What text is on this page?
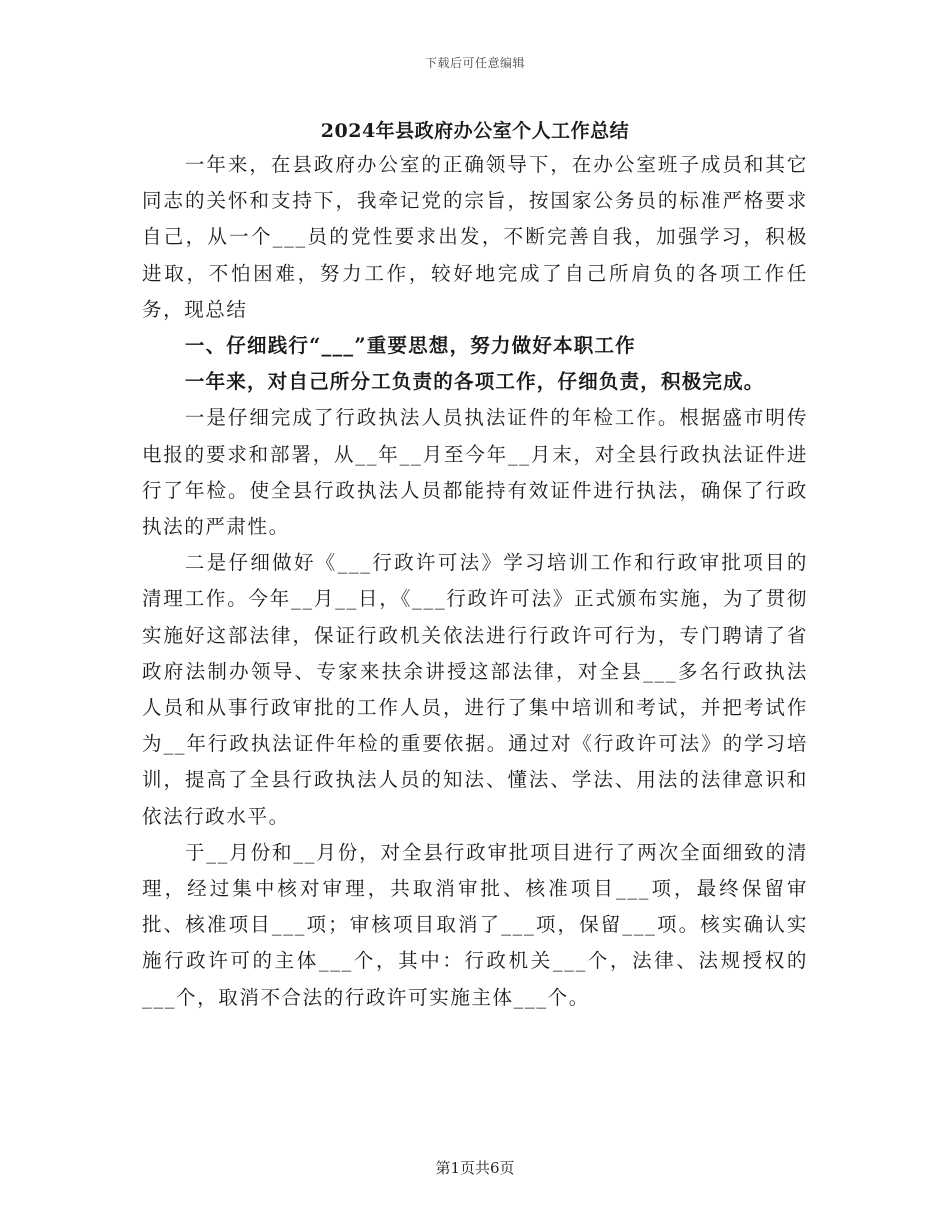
下载后可任意编辑
2024年县政府办公室个人工作总结

一年来，在县政府办公室的正确领导下，在办公室班子成员和其它同志的关怀和支持下，我牵记党的宗旨，按国家公务员的标准严格要求自己，从一个___员的党性要求出发，不断完善自我，加强学习，积极进取，不怕困难，努力工作，较好地完成了自己所肩负的各项工作任务，现总结

一、仔细践行“___”重要思想，努力做好本职工作

一年来，对自己所分工负责的各项工作，仔细负责，积极完成。

一是仔细完成了行政执法人员执法证件的年检工作。根据盛市明传电报的要求和部署，从__年__月至今年__月末，对全县行政执法证件进行了年检。使全县行政执法人员都能持有效证件进行执法，确保了行政执法的严肃性。

二是仔细做好《___行政许可法》学习培训工作和行政审批项目的清理工作。今年__月__日，《___行政许可法》正式颁布实施，为了贯彻实施好这部法律，保证行政机关依法进行行政许可行为，专门聘请了省政府法制办领导、专家来扶余讲授这部法律，对全县___多名行政执法人员和从事行政审批的工作人员，进行了集中培训和考试，并把考试作为__年行政执法证件年检的重要依据。通过对《行政许可法》的学习培训，提高了全县行政执法人员的知法、懂法、学法、用法的法律意识和依法行政水平。

于__月份和__月份，对全县行政审批项目进行了两次全面细致的清理，经过集中核对审理，共取消审批、核准项目___项，最终保留审批、核准项目___项；审核项目取消了___项，保留___项。核实确认实施行政许可的主体___个，其中：行政机关___个，法律、法规授权的___个，取消不合法的行政许可实施主体___个。

第1页共6页
